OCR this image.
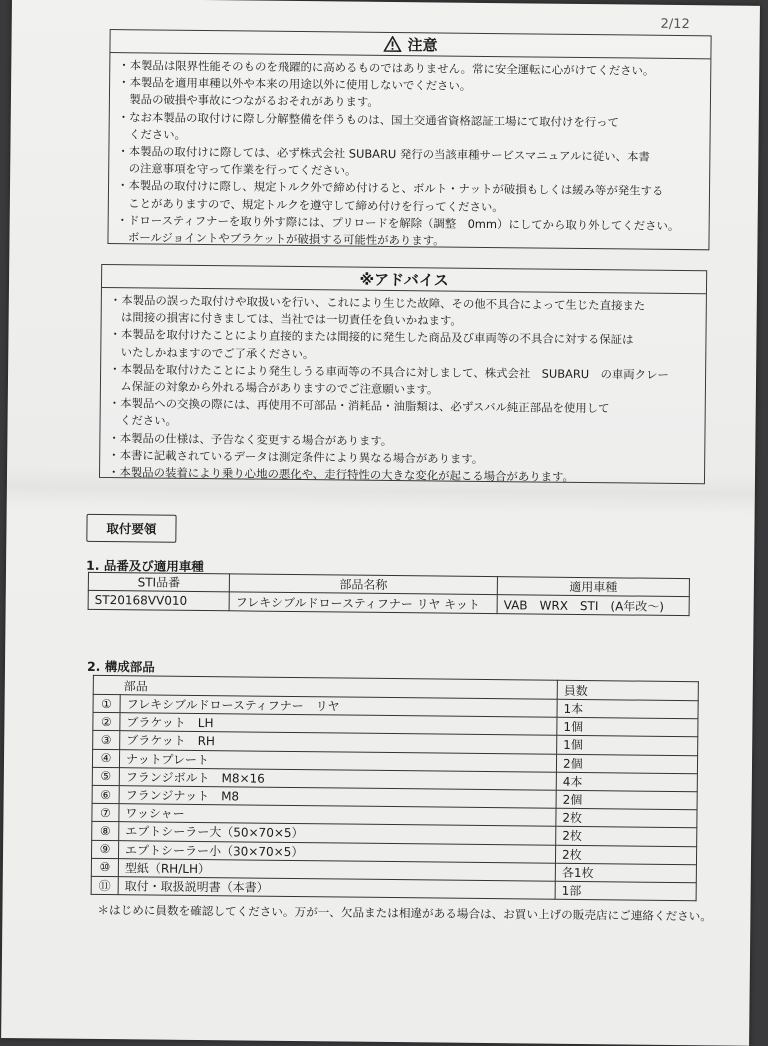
2/12
注意
・本製品は限界性能そのものを飛躍的に高めるものではありません。常に安全運転に心がけてください。
・本製品を適用車種以外や本来の用途以外に使用しないでください。
　製品の破損や事故につながるおそれがあります。
・なお本製品の取付けに際し分解整備を伴うものは、国土交通省資格認証工場にて取付けを行って
　ください。
・本製品の取付けに際しては、必ず株式会社 SUBARU 発行の当該車種サービスマニュアルに従い、本書
　の注意事項を守って作業を行ってください。
・本製品の取付けに際し、規定トルク外で締め付けると、ボルト・ナットが破損もしくは緩み等が発生する
　ことがありますので、規定トルクを遵守して締め付けを行ってください。
・ドロースティフナーを取り外す際には、プリロードを解除（調整　0mm）にしてから取り外してください。
　ボールジョイントやブラケットが破損する可能性があります。
※アドバイス
・本製品の誤った取付けや取扱いを行い、これにより生じた故障、その他不具合によって生じた直接また
　は間接の損害に付きましては、当社では一切責任を負いかねます。
・本製品を取付けたことにより直接的または間接的に発生した商品及び車両等の不具合に対する保証は
　いたしかねますのでご了承ください。
・本製品を取付けたことにより発生しうる車両等の不具合に対しまして、株式会社　SUBARU　の車両クレー
　ム保証の対象から外れる場合がありますのでご注意願います。
・本製品への交換の際には、再使用不可部品・消耗品・油脂類は、必ずスバル純正部品を使用して
　ください。
・本製品の仕様は、予告なく変更する場合があります。
・本書に記載されているデータは測定条件により異なる場合があります。
・本製品の装着により乗り心地の悪化や、走行特性の大きな変化が起こる場合があります。
取付要領
1. 品番及び適用車種
STI品番	部品名称	適用車種
ST20168VV010	フレキシブルドロースティフナー リヤ キット	VAB　WRX　STI　(A年改～)
2. 構成部品
部品		員数
①	フレキシブルドロースティフナー　リヤ	1本
②	ブラケット　LH	1個
③	ブラケット　RH	1個
④	ナットプレート	2個
⑤	フランジボルト　M8×16	4本
⑥	フランジナット　M8	2個
⑦	ワッシャー	2枚
⑧	エプトシーラー大（50×70×5）	2枚
⑨	エプトシーラー小（30×70×5）	2枚
⑩	型紙（RH/LH）	各1枚
⑪	取付・取扱説明書（本書）	1部
＊はじめに員数を確認してください。万が一、欠品または相違がある場合は、お買い上げの販売店にご連絡ください。
